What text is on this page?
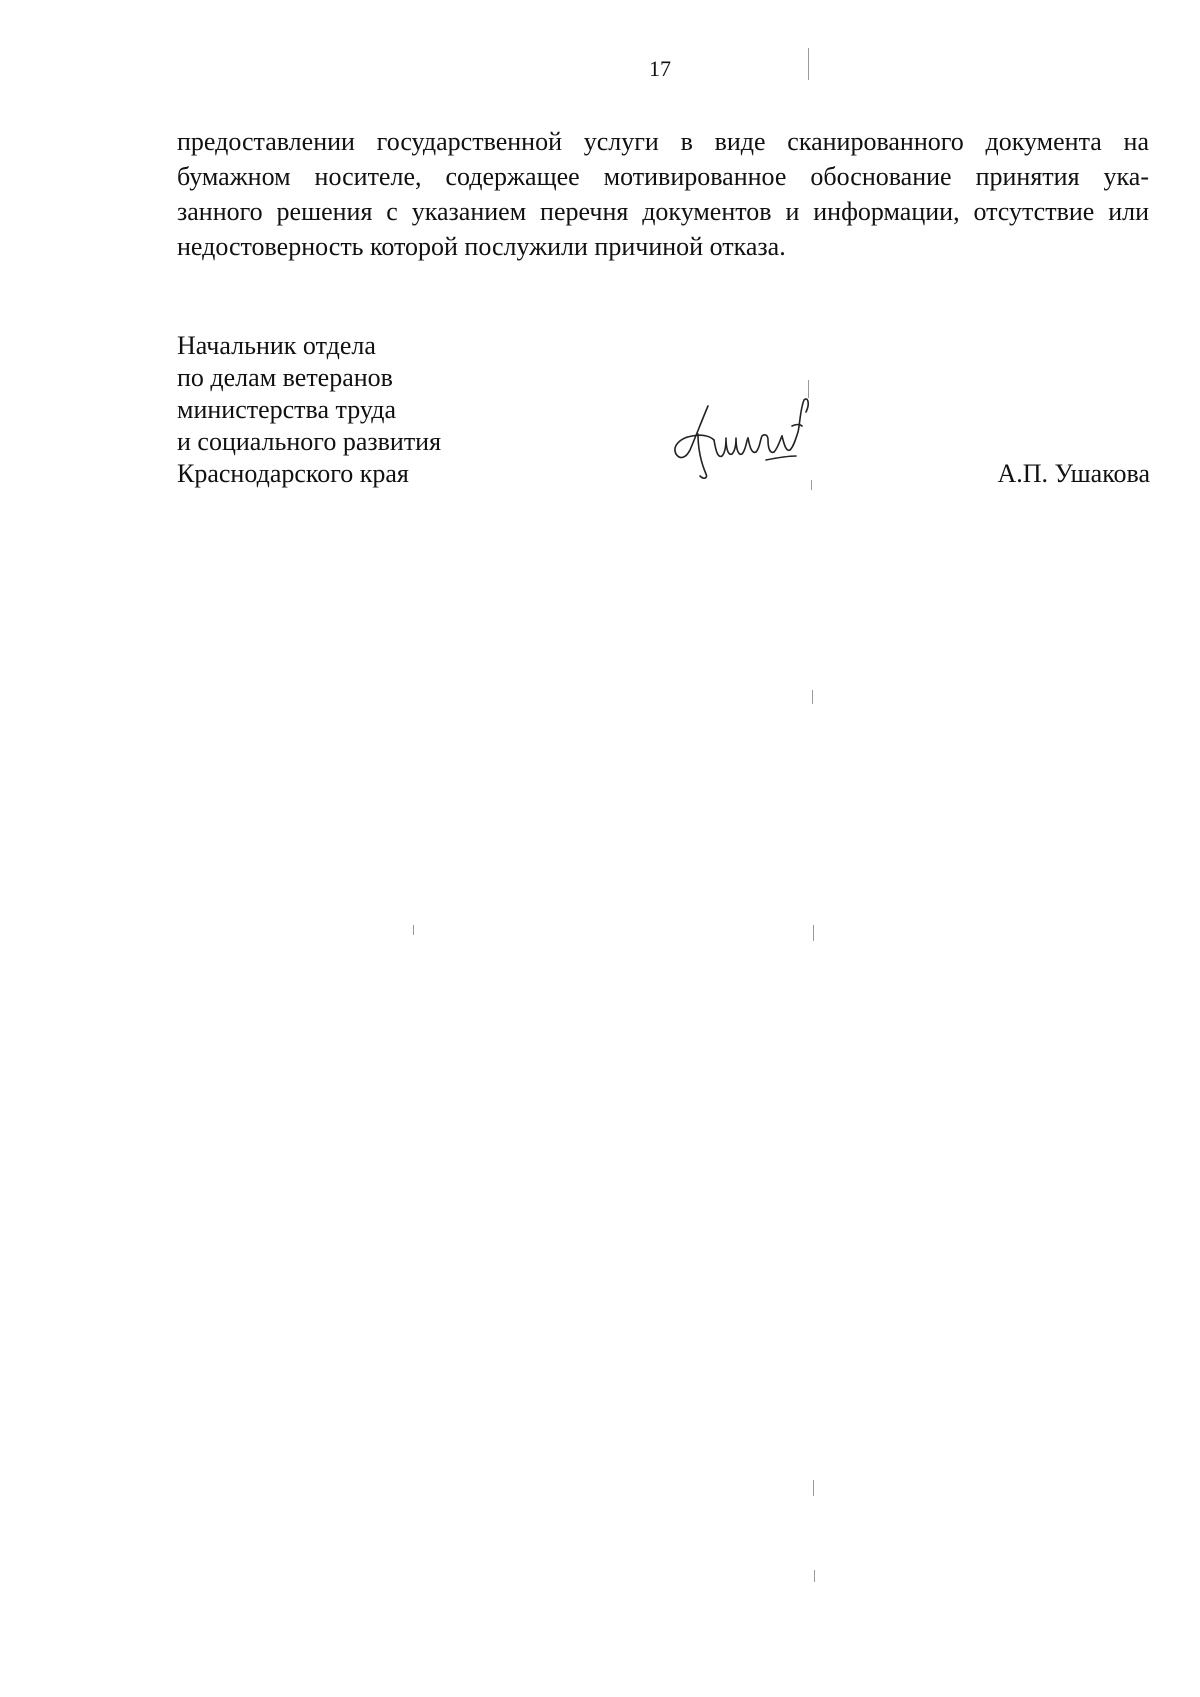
17
предоставлении государственной услуги в виде сканированного документа на
бумажном носителе, содержащее мотивированное обоснование принятия ука-
занного решения с указанием перечня документов и информации, отсутствие или
недостоверность которой послужили причиной отказа.
Начальник отдела
по делам ветеранов
министерства труда
и социального развития
Краснодарского края	А.П. Ушакова
